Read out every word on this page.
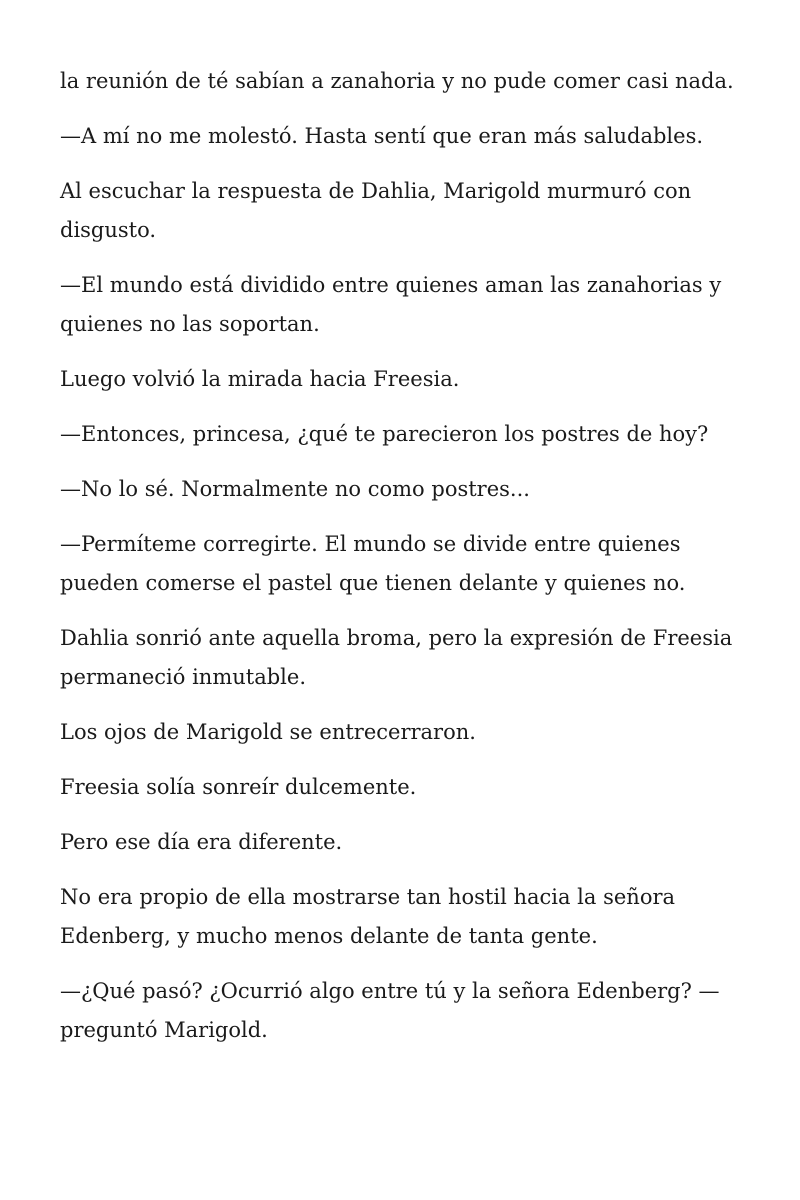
la reunión de té sabían a zanahoria y no pude comer casi nada.

—A mí no me molestó. Hasta sentí que eran más saludables.

Al escuchar la respuesta de Dahlia, Marigold murmuró con disgusto.

—El mundo está dividido entre quienes aman las zanahorias y quienes no las soportan.

Luego volvió la mirada hacia Freesia.

—Entonces, princesa, ¿qué te parecieron los postres de hoy?

—No lo sé. Normalmente no como postres...

—Permíteme corregirte. El mundo se divide entre quienes pueden comerse el pastel que tienen delante y quienes no.

Dahlia sonrió ante aquella broma, pero la expresión de Freesia permaneció inmutable.

Los ojos de Marigold se entrecerraron.

Freesia solía sonreír dulcemente.

Pero ese día era diferente.

No era propio de ella mostrarse tan hostil hacia la señora Edenberg, y mucho menos delante de tanta gente.

—¿Qué pasó? ¿Ocurrió algo entre tú y la señora Edenberg? —preguntó Marigold.
